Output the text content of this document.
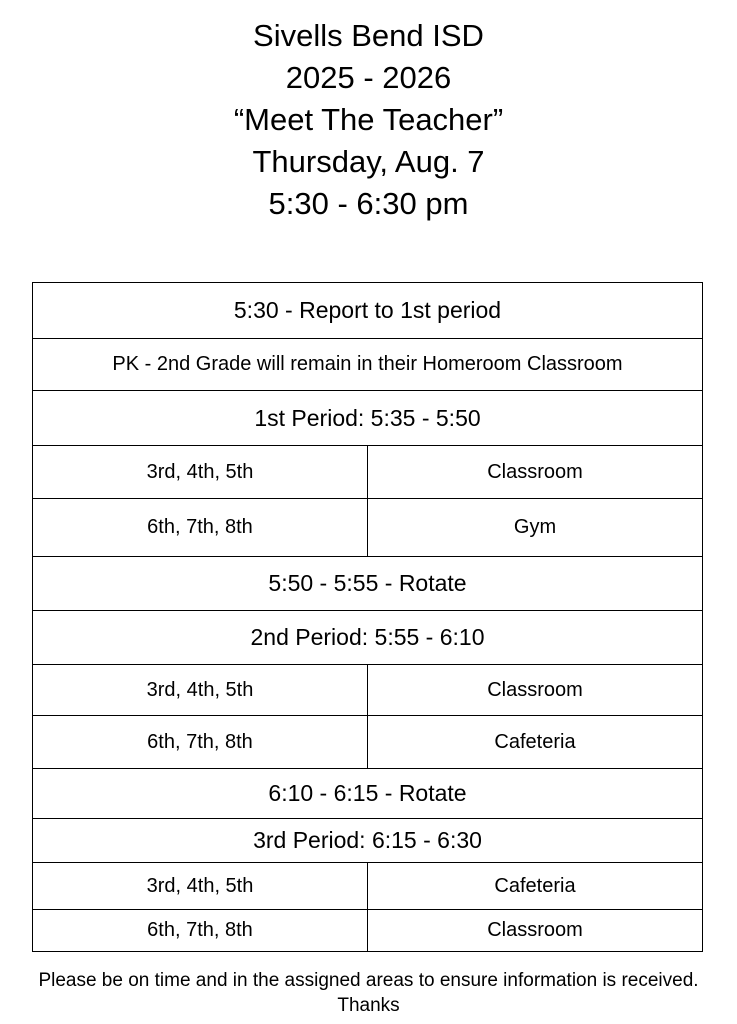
Sivells Bend ISD
2025 - 2026
“Meet The Teacher”
Thursday, Aug. 7
5:30 - 6:30 pm
5:30 - Report to 1st period	
PK - 2nd Grade will remain in their Homeroom Classroom	
1st Period: 5:35 - 5:50	
3rd, 4th, 5th	Classroom
6th, 7th, 8th	Gym
5:50 - 5:55 - Rotate	
2nd Period: 5:55 - 6:10	
3rd, 4th, 5th	Classroom
6th, 7th, 8th	Cafeteria
6:10 - 6:15 - Rotate	
3rd Period: 6:15 - 6:30	
3rd, 4th, 5th	Cafeteria
6th, 7th, 8th	Classroom
Please be on time and in the assigned areas to ensure information is received.
Thanks
